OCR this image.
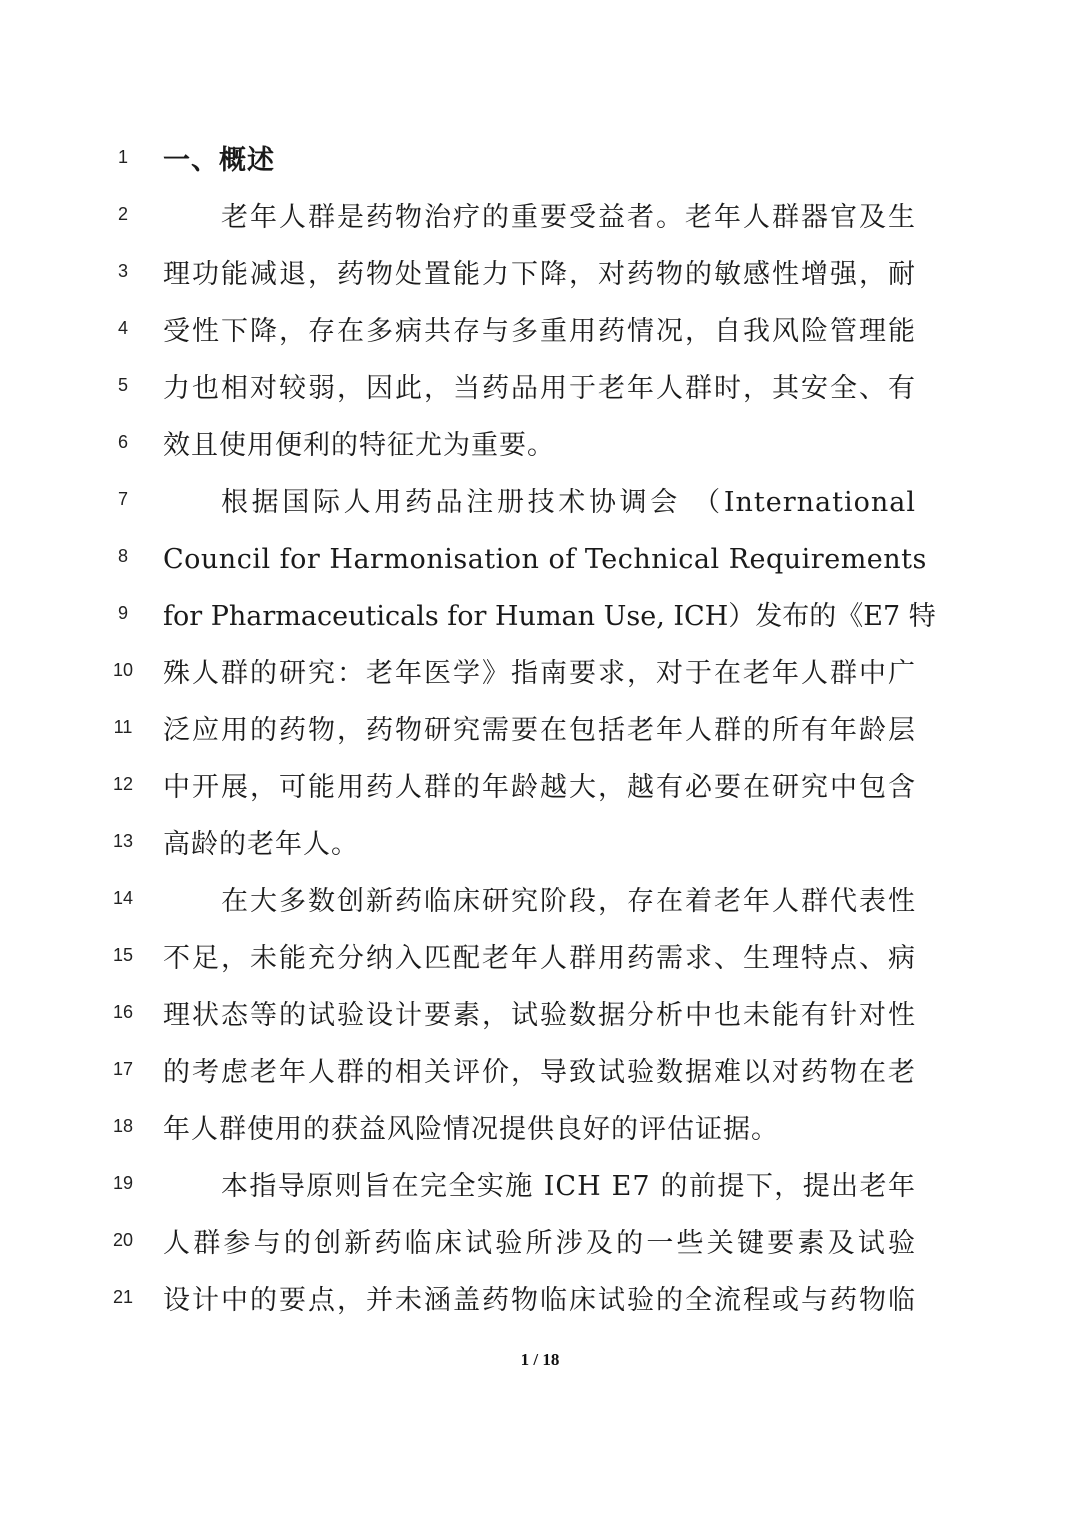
1	一、概述
2	老年人群是药物治疗的重要受益者。老年人群器官及生
3	理功能减退，药物处置能力下降，对药物的敏感性增强，耐
4	受性下降，存在多病共存与多重用药情况，自我风险管理能
5	力也相对较弱，因此，当药品用于老年人群时，其安全、有
6	效且使用便利的特征尤为重要。
7	根据国际人用药品注册技术协调会 （International
8	Council for Harmonisation of Technical Requirements
9	for Pharmaceuticals for Human Use, ICH）发布的《E7 特
10	殊人群的研究：老年医学》指南要求，对于在老年人群中广
11	泛应用的药物，药物研究需要在包括老年人群的所有年龄层
12	中开展，可能用药人群的年龄越大，越有必要在研究中包含
13	高龄的老年人。
14	在大多数创新药临床研究阶段，存在着老年人群代表性
15	不足，未能充分纳入匹配老年人群用药需求、生理特点、病
16	理状态等的试验设计要素，试验数据分析中也未能有针对性
17	的考虑老年人群的相关评价，导致试验数据难以对药物在老
18	年人群使用的获益风险情况提供良好的评估证据。
19	本指导原则旨在完全实施 ICH E7 的前提下，提出老年
20	人群参与的创新药临床试验所涉及的一些关键要素及试验
21	设计中的要点，并未涵盖药物临床试验的全流程或与药物临
1 / 18
